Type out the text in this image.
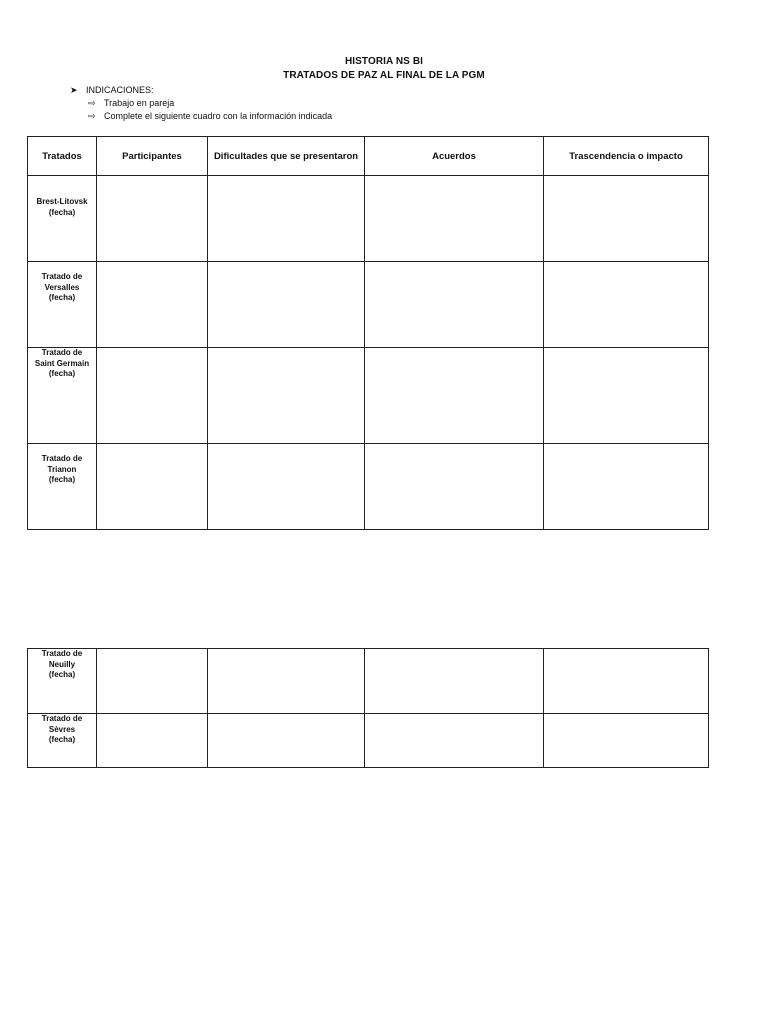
HISTORIA NS BI
TRATADOS DE PAZ AL FINAL DE LA PGM
➤ INDICACIONES:
⇨ Trabajo en pareja
⇨ Complete el siguiente cuadro con la información indicada
Tratados	Participantes	Dificultades que se presentaron	Acuerdos	Trascendencia o impacto

Brest-Litovsk
(fecha)				

Tratado de
Versalles
(fecha)				

Tratado de
Saint Germain
(fecha)				

Tratado de
Trianon
(fecha)				

Tratado de
Neuilly
(fecha)				

Tratado de
Sèvres
(fecha)				
